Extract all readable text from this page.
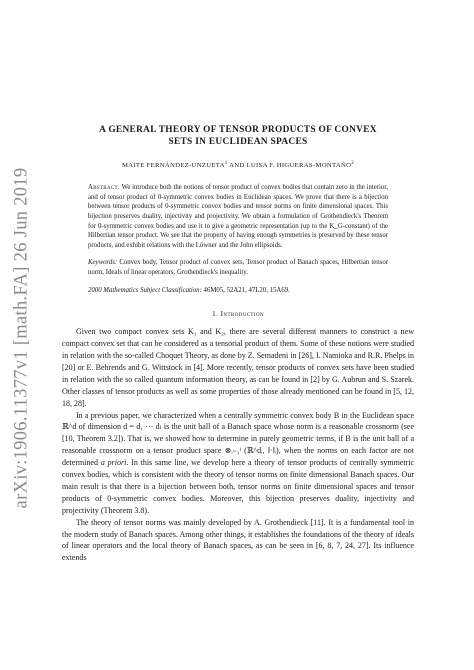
arXiv:1906.11377v1 [math.FA] 26 Jun 2019
A GENERAL THEORY OF TENSOR PRODUCTS OF CONVEX
SETS IN EUCLIDEAN SPACES
MAITE FERNÁNDEZ-UNZUETA$^1$ AND LUISA F. HIGUERAS-MONTAÑO$^2$
Abstract. We introduce both the notions of tensor product of convex bodies that contain zero in the interior, and of tensor product of 0-symmetric convex bodies in Euclidean spaces. We prove that there is a bijection between tensor products of 0-symmetric convex bodies and tensor norms on finite dimensional spaces. This bijection preserves duality, injectivity and projectivity. We obtain a formulation of Grothendieck's Theorem for 0-symmetric convex bodies and use it to give a geometric representation (up to the K_G-constant) of the Hilbertian tensor product. We see that the property of having enough symmetries is preserved by these tensor products, and exhibit relations with the Löwner and the John ellipsoids.
Keywords: Convex body, Tensor product of convex sets, Tensor product of Banach spaces, Hilbertian tensor norm, Ideals of linear operators, Grothendieck's inequality.
2000 Mathematics Subject Classification: 46M05, 52A21, 47L20, 15A69.
1. Introduction

Given two compact convex sets K₁ and K₂, there are several different manners to construct a new compact convex set that can be considered as a tensorial product of them. Some of these notions were studied in relation with the so-called Choquet Theory, as done by Z. Semadeni in [26], I. Namioka and R.R. Phelps in [20] or E. Behrends and G. Wittstock in [4]. More recently, tensor products of convex sets have been studied in relation with the so called quantum information theory, as can be found in [2] by G. Aubrun and S. Szarek. Other classes of tensor products as well as some properties of those already mentioned can be found in [5, 12, 18, 28].

In a previous paper, we characterized when a centrally symmetric convex body B in the Euclidean space ℝ^d of dimension d = d₁ ⋯ dₗ is the unit ball of a Banach space whose norm is a reasonable crossnorm (see [10, Theorem 3.2]). That is, we showed how to determine in purely geometric terms, if B is the unit ball of a reasonable crossnorm on a tensor product space ⊗ᵢ₌₁ˡ (ℝ^dᵢ, ‖·‖ᵢ), when the norms on each factor are not determined a priori. In this same line, we develop here a theory of tensor products of centrally symmetric convex bodies, which is consistent with the theory of tensor norms on finite dimensional Banach spaces. Our main result is that there is a bijection between both, tensor norms on finite dimensional spaces and tensor products of 0-symmetric convex bodies. Moreover, this bijection preserves duality, injectivity and projectivity (Theorem 3.8).

The theory of tensor norms was mainly developed by A. Grothendieck [11]. It is a fundamental tool in the modern study of Banach spaces. Among other things, it establishes the foundations of the theory of ideals of linear operators and the local theory of Banach spaces, as can be seen in [6, 8, 7, 24, 27]. Its influence extends
